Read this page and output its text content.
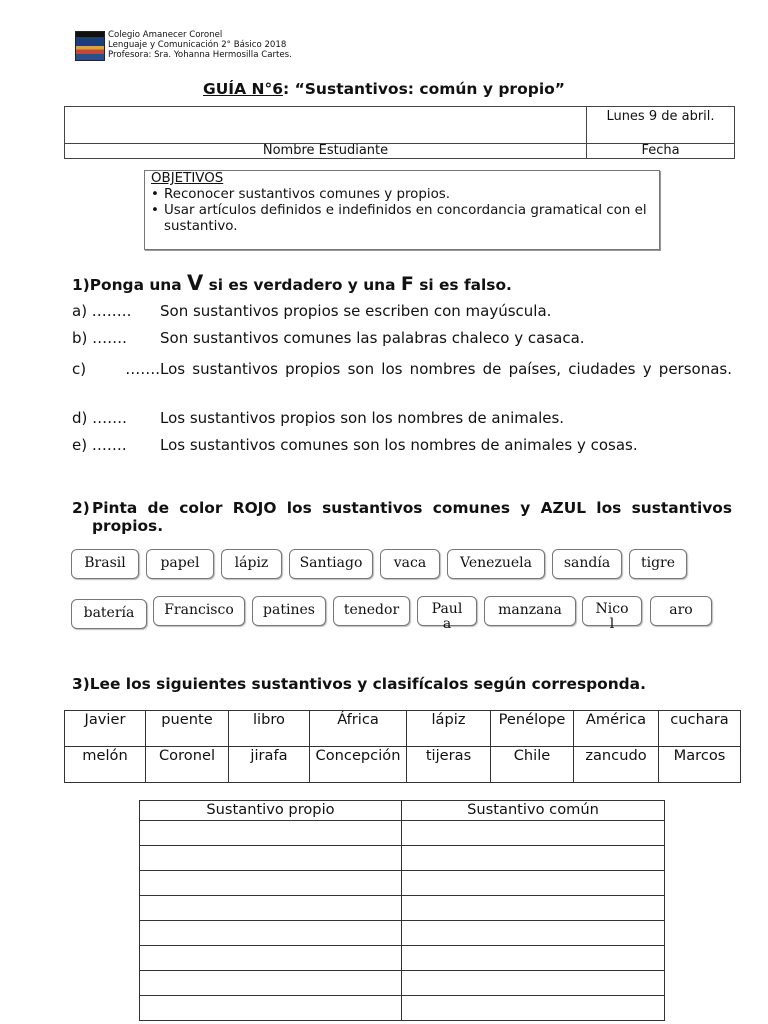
Colegio Amanecer Coronel
Lenguaje y Comunicación 2° Básico 2018
Profesora: Sra. Yohanna Hermosilla Cartes.
GUÍA N°6: “Sustantivos: común y propio”
	Lunes 9 de abril.
Nombre Estudiante	Fecha
OBJETIVOS
• Reconocer sustantivos comunes y propios.
• Usar artículos definidos e indefinidos en concordancia gramatical con el sustantivo.
1)Ponga una V si es verdadero y una F si es falso.
a) …….. Son sustantivos propios se escriben con mayúscula.
b) ……. Son sustantivos comunes las palabras chaleco y casaca.
c) …….Los sustantivos propios son los nombres de países, ciudades y personas.
d) ……. Los sustantivos propios son los nombres de animales.
e) ……. Los sustantivos comunes son los nombres de animales y cosas.
2) Pinta de color ROJO los sustantivos comunes y AZUL los sustantivos propios.
Brasil	papel	lápiz	Santiago	vaca	Venezuela	sandía	tigre
batería	Francisco	patines	tenedor	Paula
manzana	Nicol
aro
3)Lee los siguientes sustantivos y clasifícalos según corresponda.
Javier	puente	libro	África	lápiz	Penélope	América	cuchara
melón	Coronel	jirafa	Concepción	tijeras	Chile	zancudo	Marcos
Sustantivo propio	Sustantivo común
